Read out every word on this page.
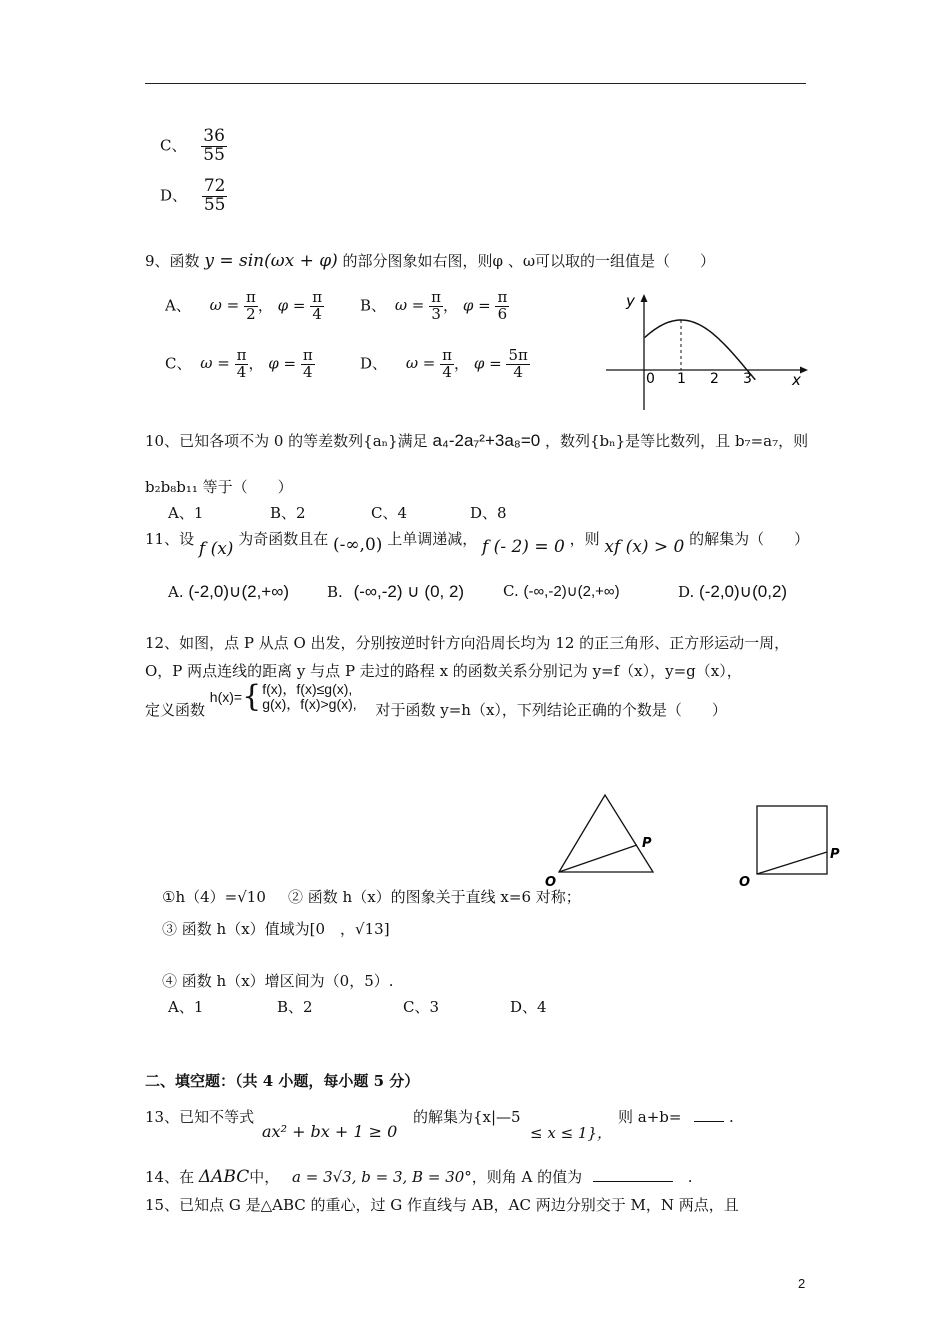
C、 $\frac{36}{55}$
D、 $\frac{72}{55}$
9、函数 y = sin(ωx + φ) 的部分图象如右图，则φ 、ω可以取的一组值是（　　）
A、 $\omega = \frac{\pi}{2}$ ， $\varphi = \frac{\pi}{4}$ B、 $\omega = \frac{\pi}{3}$ ， $\varphi = \frac{\pi}{6}$
C、 $\omega = \frac{\pi}{4}$ ， $\varphi = \frac{\pi}{4}$	D、 $\omega = \frac{\pi}{4}$ ， $\varphi = \frac{5\pi}{4}$
y
x
0 1 2 3
10、已知各项不为 0 的等差数列{aₙ}满足 a₄-2a₇²+3a₈=0 ，数列{bₙ}是等比数列，且 b₇=a₇，则
b₂b₈b₁₁ 等于（　　）
A、1	B、2	C、4	D、8
11、设 f (x) 为奇函数且在 (-∞,0) 上单调递减， f (- 2) = 0 ，则 xf (x) > 0 的解集为（　　）
A. (-2,0)∪(2,+∞)	B. (-∞,-2) ∪ (0, 2)	C. (-∞,-2)∪(2,+∞)	D. (-2,0)∪(0,2)
12、如图，点 P 从点 O 出发，分别按逆时针方向沿周长均为 12 的正三角形、正方形运动一周，
O，P 两点连线的距离 y 与点 P 走过的路程 x 的函数关系分别记为 y=f（x），y=g（x），
定义函数
h(x)= { f(x)，f(x)≤g(x),
g(x)，f(x)>g(x), 对于函数 y=h（x），下列结论正确的个数是（　　）
O
P
O
P
①h（4）=√10 ② 函数 h（x）的图象关于直线 x=6 对称；
③ 函数 h（x）值域为[0　，√13]
④ 函数 h（x）增区间为（0，5）.
A、1	B、2	C、3	D、4
二、填空题：（共 4 小题，每小题 5 分）
13、已知不等式
ax² + bx + 1 ≥ 0
的解集为{x|—5
≤ x ≤ 1}，
则 a+b=	.
14、在 ΔABC中， a = 3√3, b = 3, B = 30°，则角 A 的值为	.
15、已知点 G 是△ABC 的重心，过 G 作直线与 AB，AC 两边分别交于 M，N 两点，且
2
